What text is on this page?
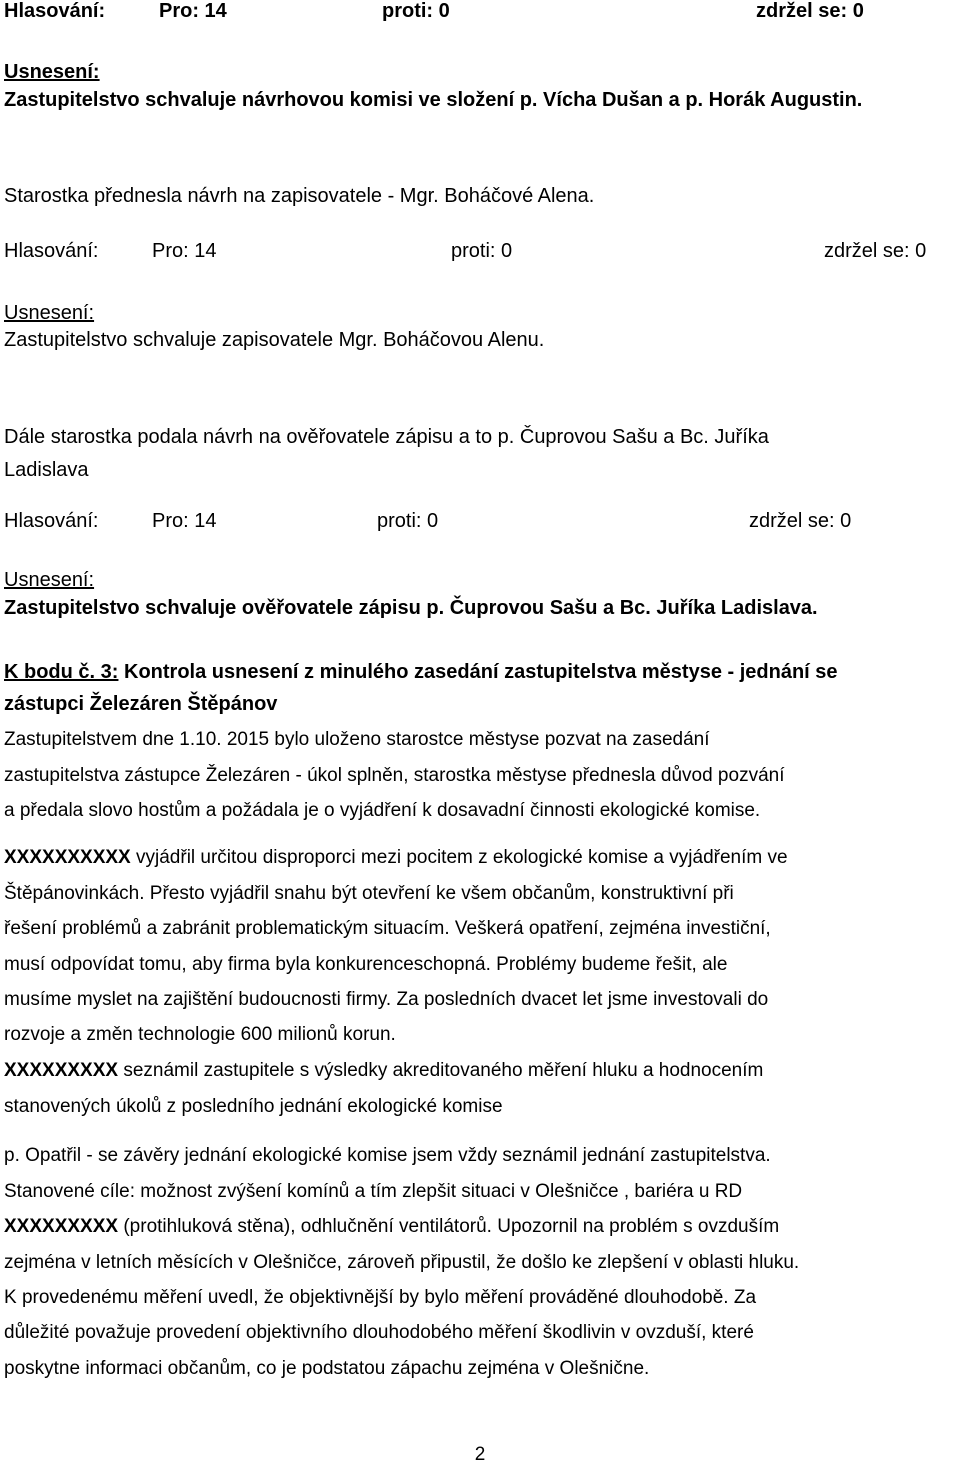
Hlasování:	Pro: 14	proti: 0	zdržel se: 0
Usnesení:
Zastupitelstvo schvaluje návrhovou komisi ve složení p. Vícha Dušan a p. Horák Augustin.
Starostka přednesla návrh na zapisovatele - Mgr. Boháčové Alena.
Hlasování:	Pro: 14	proti: 0	zdržel se: 0
Usnesení:
Zastupitelstvo schvaluje zapisovatele Mgr. Boháčovou Alenu.
Dále starostka podala návrh na ověřovatele zápisu a to p. Čuprovou Sašu a Bc. Juříka
Ladislava
Hlasování:	Pro: 14	proti: 0	zdržel se: 0
Usnesení:
Zastupitelstvo schvaluje ověřovatele zápisu p. Čuprovou Sašu a Bc. Juříka Ladislava.
K bodu č. 3: Kontrola usnesení z minulého zasedání zastupitelstva městyse - jednání se
zástupci Železáren Štěpánov
Zastupitelstvem dne 1.10. 2015 bylo uloženo starostce městyse pozvat na zasedání
zastupitelstva zástupce Železáren - úkol splněn, starostka městyse přednesla důvod pozvání
a předala slovo hostům a požádala je o vyjádření k dosavadní činnosti ekologické komise.
XXXXXXXXXX vyjádřil určitou disproporci mezi pocitem z ekologické komise a vyjádřením ve
Štěpánovinkách. Přesto vyjádřil snahu být otevření ke všem občanům, konstruktivní při
řešení problémů a zabránit problematickým situacím. Veškerá opatření, zejména investiční,
musí odpovídat tomu, aby firma byla konkurenceschopná. Problémy budeme řešit, ale
musíme myslet na zajištění budoucnosti firmy. Za posledních dvacet let jsme investovali do
rozvoje a změn technologie 600 milionů korun.
XXXXXXXXX seznámil zastupitele s výsledky akreditovaného měření hluku a hodnocením
stanovených úkolů z posledního jednání ekologické komise
p. Opatřil - se závěry jednání ekologické komise jsem vždy seznámil jednání zastupitelstva.
Stanovené cíle: možnost zvýšení komínů a tím zlepšit situaci v Olešničce , bariéra u RD
XXXXXXXXX (protihluková stěna), odhlučnění ventilátorů. Upozornil na problém s ovzduším
zejména v letních měsících v Olešničce, zároveň připustil, že došlo ke zlepšení v oblasti hluku.
K provedenému měření uvedl, že objektivnější by bylo měření prováděné dlouhodobě. Za
důležité považuje provedení objektivního dlouhodobého měření škodlivin v ovzduší, které
poskytne informaci občanům, co je podstatou zápachu zejména v Olešnične.
2
